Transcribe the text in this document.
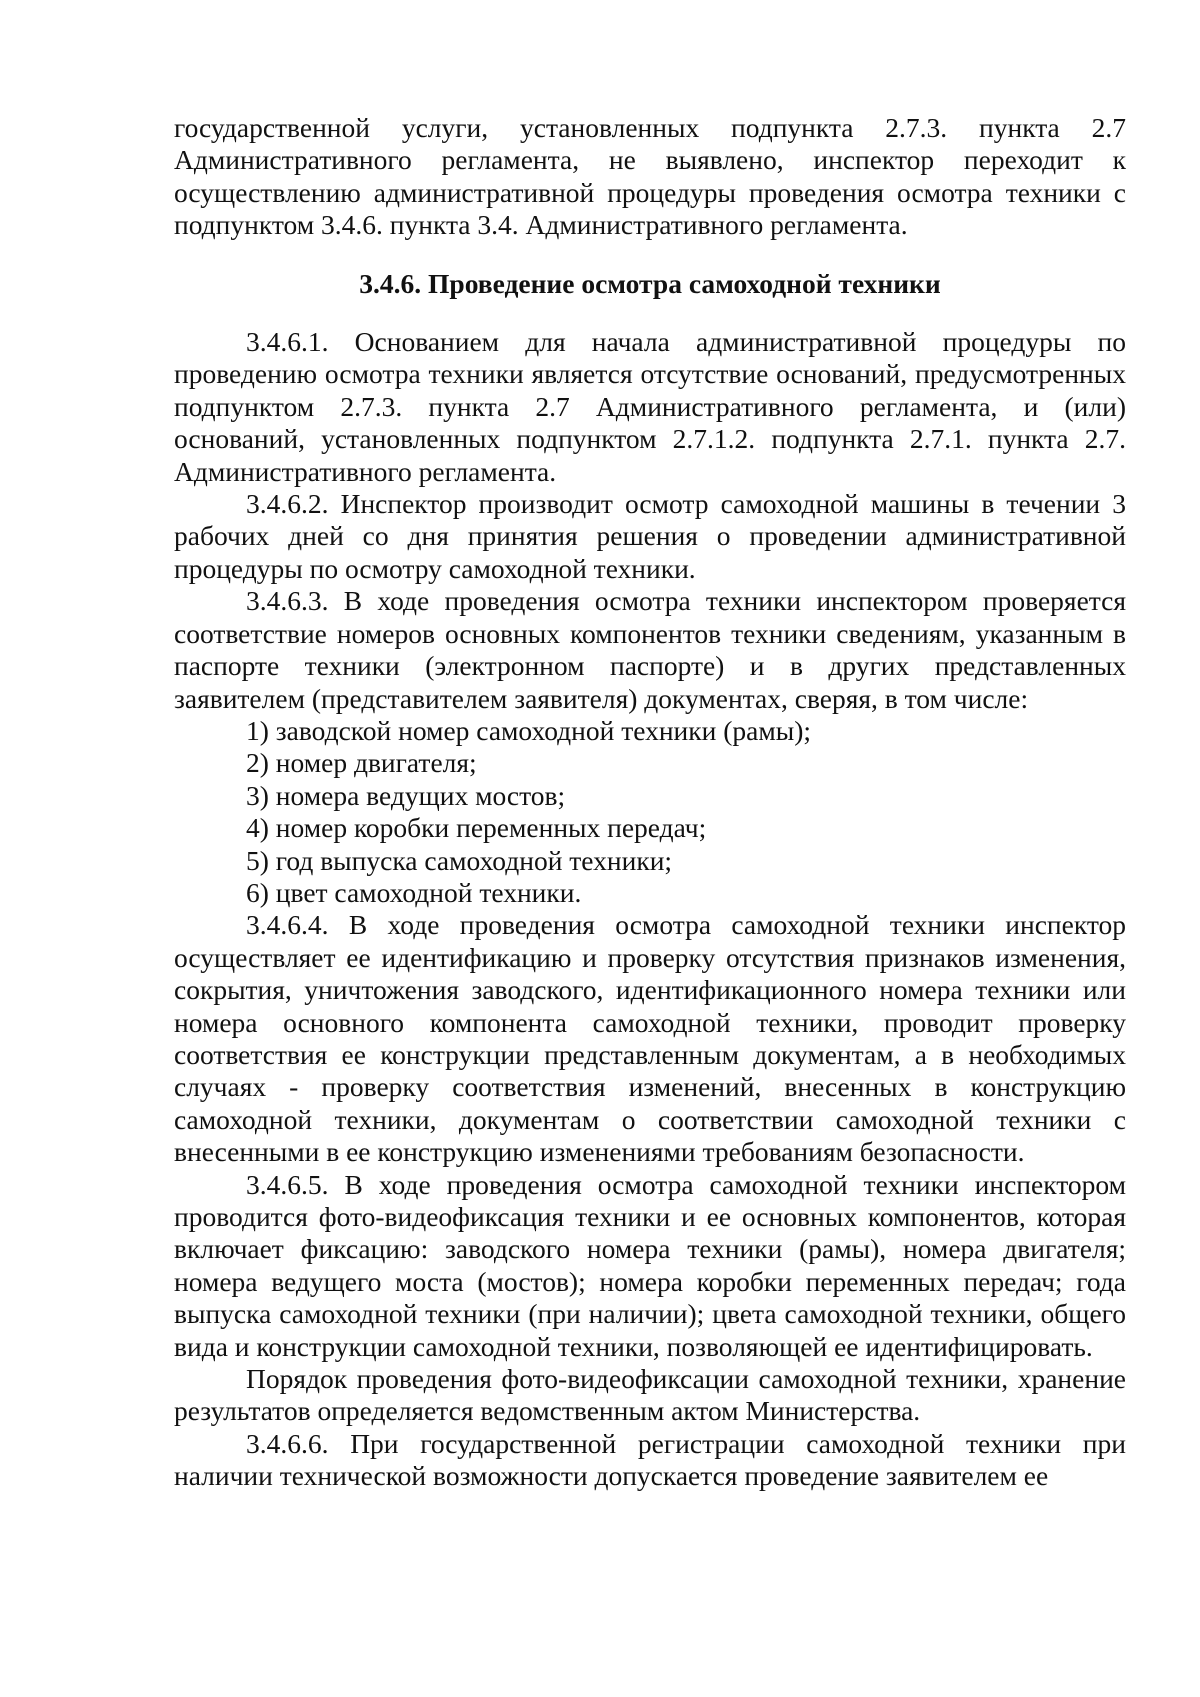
государственной услуги, установленных подпункта 2.7.3. пункта 2.7 Административного регламента, не выявлено, инспектор переходит к осуществлению административной процедуры проведения осмотра техники с подпунктом 3.4.6. пункта 3.4. Административного регламента.

3.4.6. Проведение осмотра самоходной техники

3.4.6.1. Основанием для начала административной процедуры по проведению осмотра техники является отсутствие оснований, предусмотренных подпунктом 2.7.3. пункта 2.7 Административного регламента, и (или) оснований, установленных подпунктом 2.7.1.2. подпункта 2.7.1. пункта 2.7. Административного регламента.

3.4.6.2. Инспектор производит осмотр самоходной машины в течении 3 рабочих дней со дня принятия решения о проведении административной процедуры по осмотру самоходной техники.

3.4.6.3. В ходе проведения осмотра техники инспектором проверяется соответствие номеров основных компонентов техники сведениям, указанным в паспорте техники (электронном паспорте) и в других представленных заявителем (представителем заявителя) документах, сверяя, в том числе:

1) заводской номер самоходной техники (рамы);

2) номер двигателя;

3) номера ведущих мостов;

4) номер коробки переменных передач;

5) год выпуска самоходной техники;

6) цвет самоходной техники.

3.4.6.4. В ходе проведения осмотра самоходной техники инспектор осуществляет ее идентификацию и проверку отсутствия признаков изменения, сокрытия, уничтожения заводского, идентификационного номера техники или номера основного компонента самоходной техники, проводит проверку соответствия ее конструкции представленным документам, а в необходимых случаях - проверку соответствия изменений, внесенных в конструкцию самоходной техники, документам о соответствии самоходной техники с внесенными в ее конструкцию изменениями требованиям безопасности.

3.4.6.5. В ходе проведения осмотра самоходной техники инспектором проводится фото-видеофиксация техники и ее основных компонентов, которая включает фиксацию: заводского номера техники (рамы), номера двигателя; номера ведущего моста (мостов); номера коробки переменных передач; года выпуска самоходной техники (при наличии); цвета самоходной техники, общего вида и конструкции самоходной техники, позволяющей ее идентифицировать.

Порядок проведения фото-видеофиксации самоходной техники, хранение результатов определяется ведомственным актом Министерства.

3.4.6.6. При государственной регистрации самоходной техники при наличии технической возможности допускается проведение заявителем ее
